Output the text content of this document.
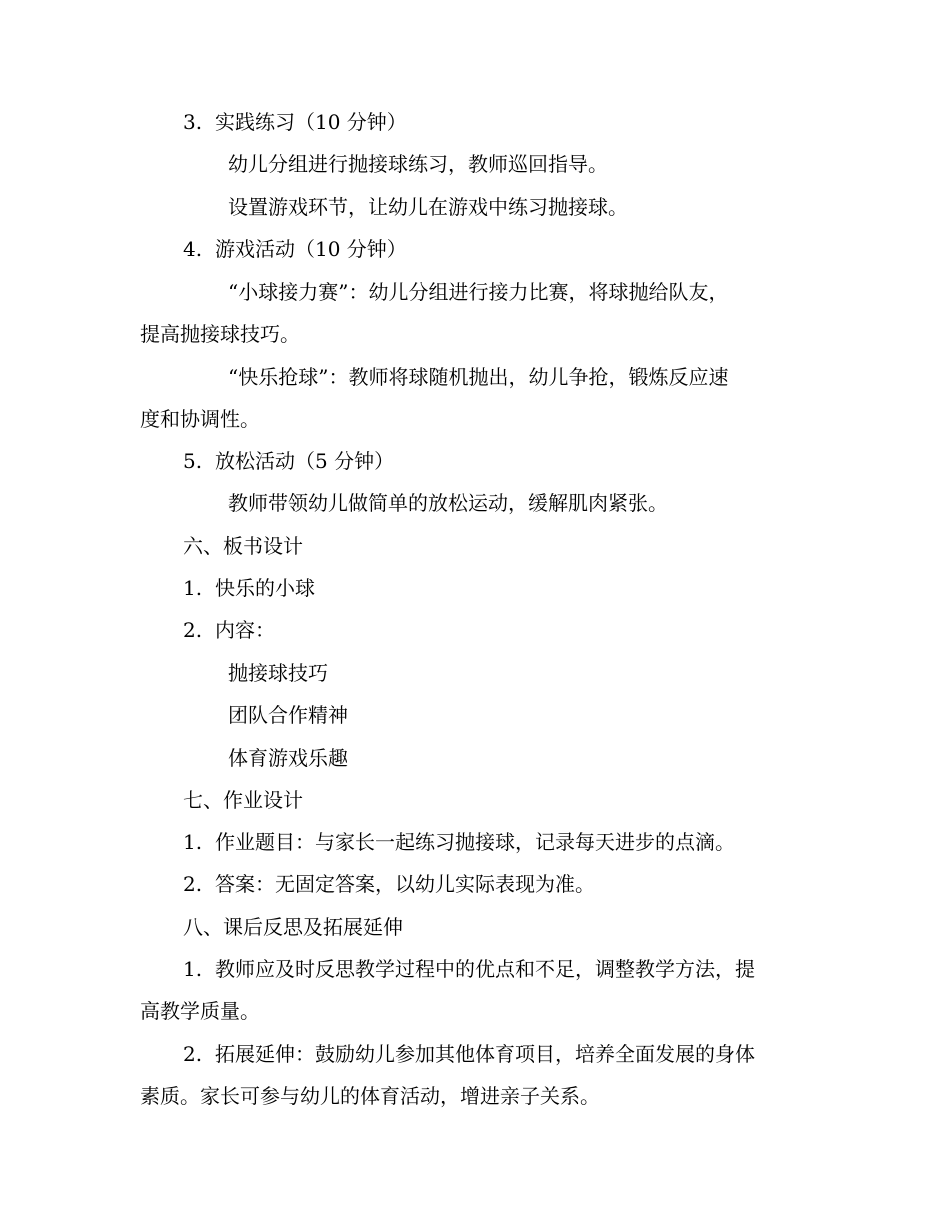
3. 实践练习（10 分钟）
幼儿分组进行抛接球练习，教师巡回指导。
设置游戏环节，让幼儿在游戏中练习抛接球。
4. 游戏活动（10 分钟）
“小球接力赛”：幼儿分组进行接力比赛，将球抛给队友，
提高抛接球技巧。
“快乐抢球”：教师将球随机抛出，幼儿争抢，锻炼反应速
度和协调性。
5. 放松活动（5 分钟）
教师带领幼儿做简单的放松运动，缓解肌肉紧张。
六、板书设计
1. 快乐的小球
2. 内容：
抛接球技巧
团队合作精神
体育游戏乐趣
七、作业设计
1. 作业题目：与家长一起练习抛接球，记录每天进步的点滴。
2. 答案：无固定答案，以幼儿实际表现为准。
八、课后反思及拓展延伸
1. 教师应及时反思教学过程中的优点和不足，调整教学方法，提
高教学质量。
2. 拓展延伸：鼓励幼儿参加其他体育项目，培养全面发展的身体
素质。家长可参与幼儿的体育活动，增进亲子关系。
